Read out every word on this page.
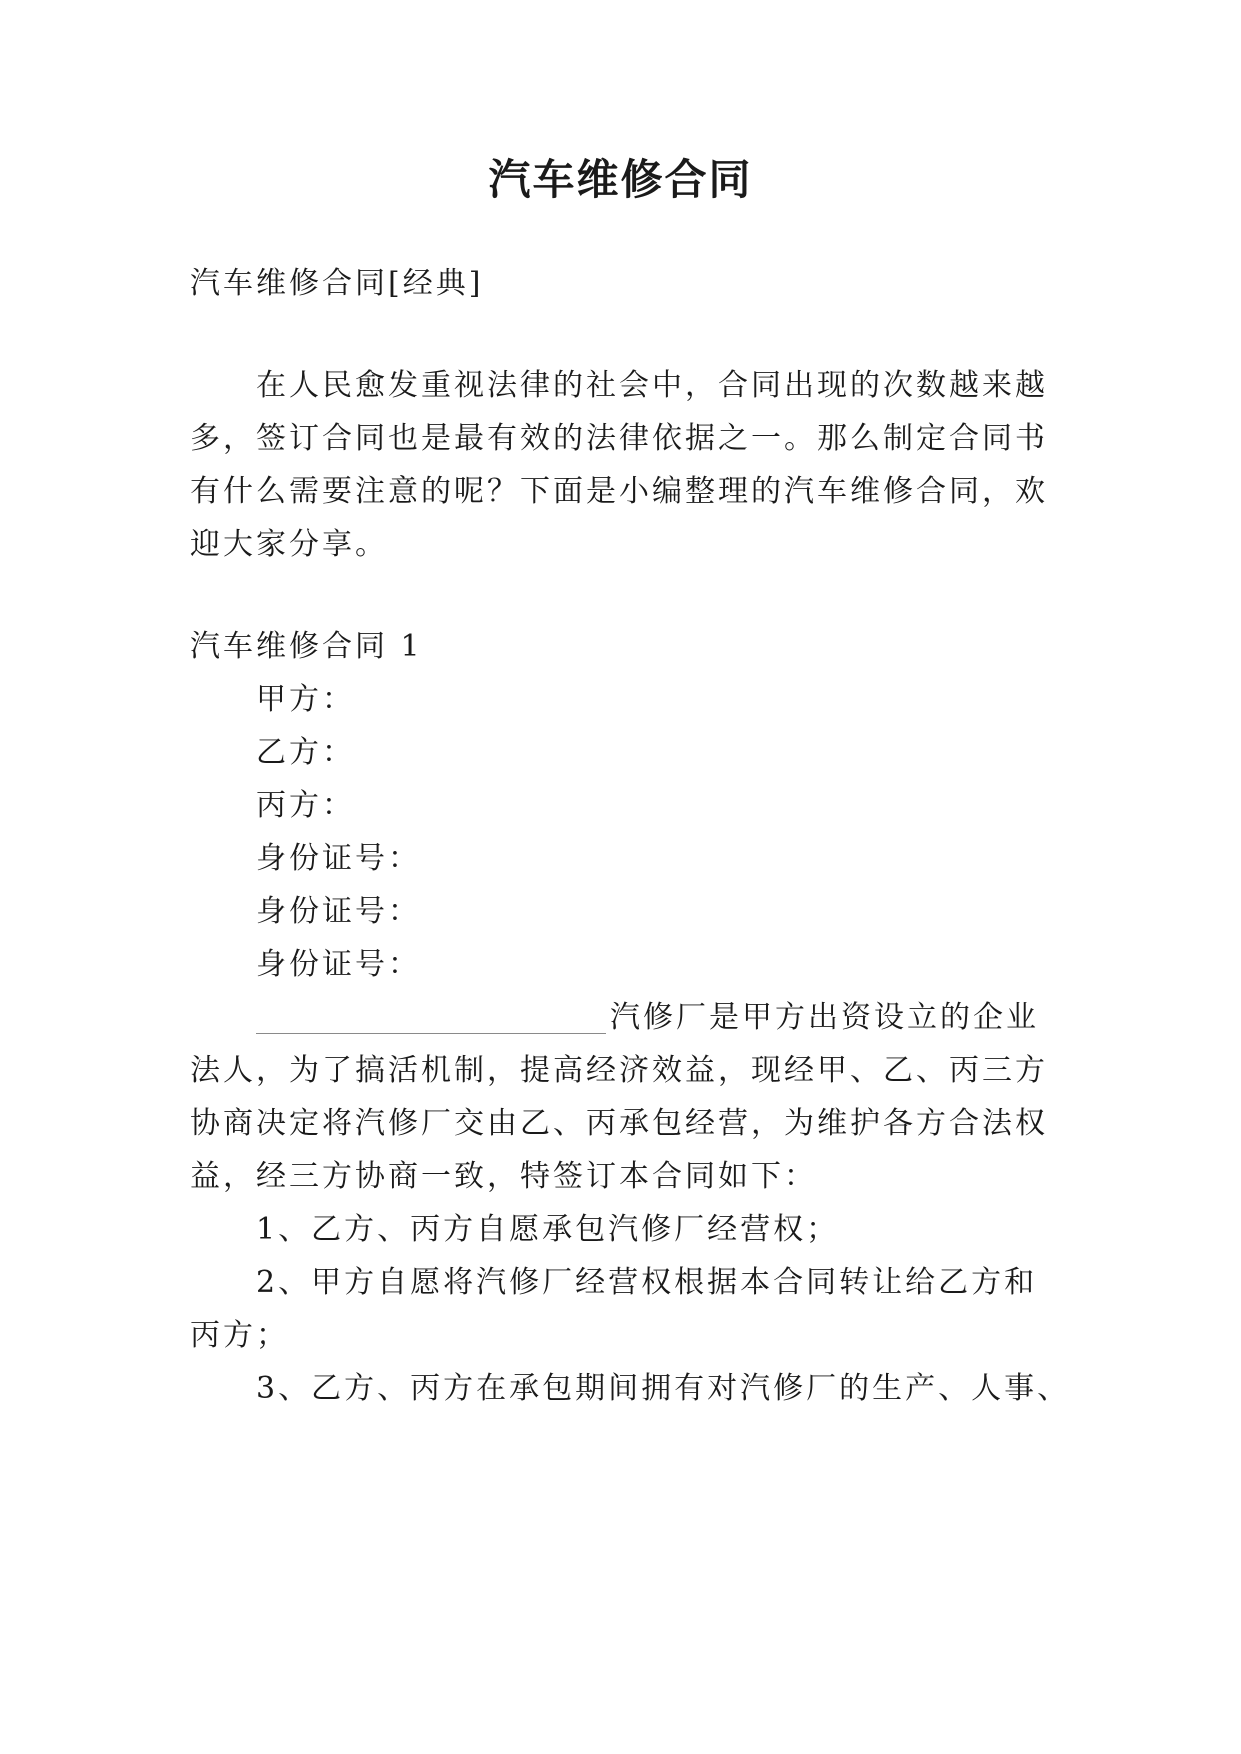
汽车维修合同
汽车维修合同[经典]
在人民愈发重视法律的社会中，合同出现的次数越来越
多，签订合同也是最有效的法律依据之一。那么制定合同书
有什么需要注意的呢？下面是小编整理的汽车维修合同，欢
迎大家分享。
汽车维修合同 1
甲方：
乙方：
丙方：
身份证号：
身份证号：
身份证号：
汽修厂是甲方出资设立的企业
法人，为了搞活机制，提高经济效益，现经甲、乙、丙三方
协商决定将汽修厂交由乙、丙承包经营，为维护各方合法权
益，经三方协商一致，特签订本合同如下：
1、乙方、丙方自愿承包汽修厂经营权；
2、甲方自愿将汽修厂经营权根据本合同转让给乙方和
丙方；
3、乙方、丙方在承包期间拥有对汽修厂的生产、人事、
